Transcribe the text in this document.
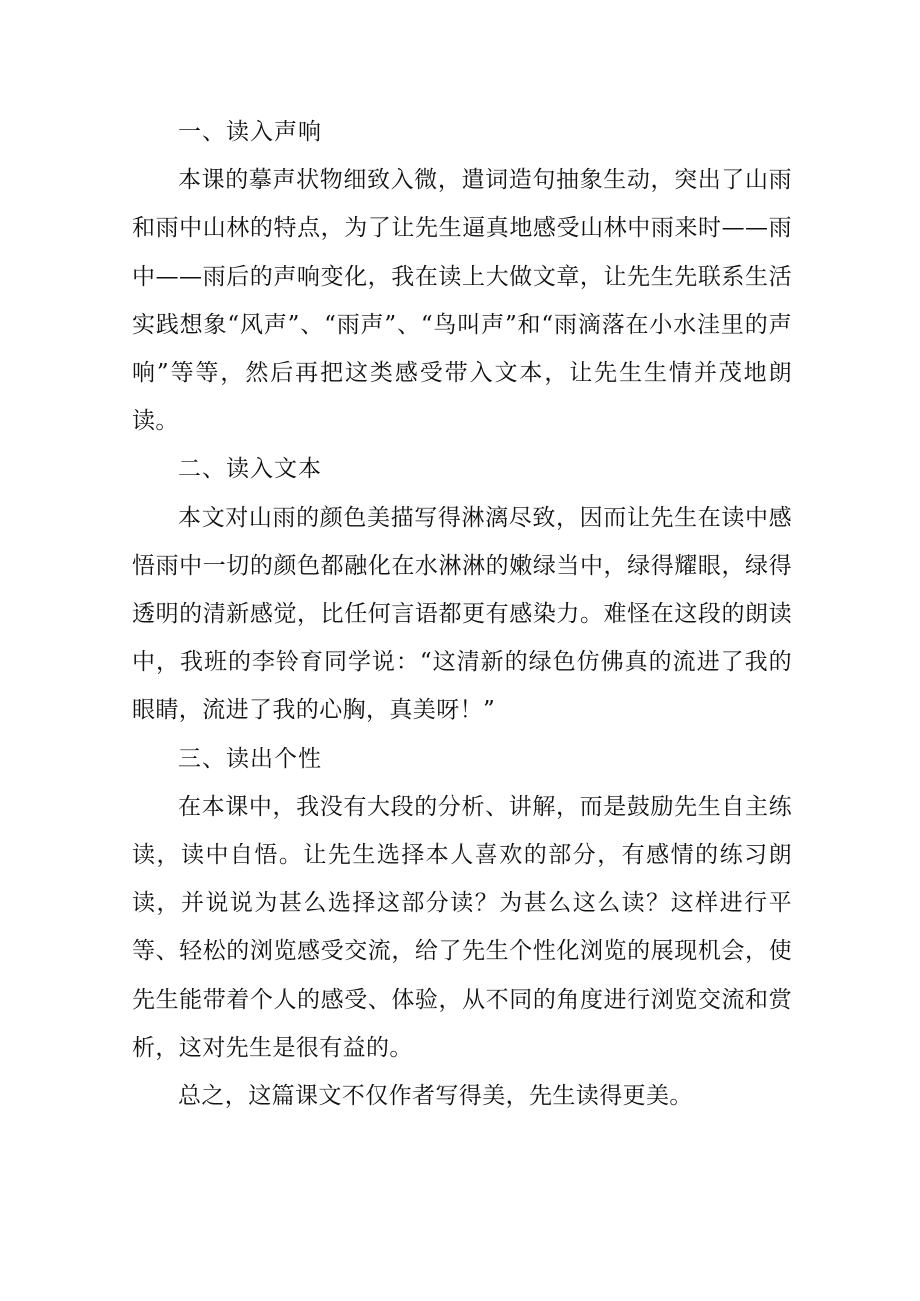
一、读入声响

本课的摹声状物细致入微，遣词造句抽象生动，突出了山雨和雨中山林的特点，为了让先生逼真地感受山林中雨来时——雨中——雨后的声响变化，我在读上大做文章，让先生先联系生活实践想象“风声”、“雨声”、“鸟叫声”和“雨滴落在小水洼里的声响”等等，然后再把这类感受带入文本，让先生生情并茂地朗读。

二、读入文本

本文对山雨的颜色美描写得淋漓尽致，因而让先生在读中感悟雨中一切的颜色都融化在水淋淋的嫩绿当中，绿得耀眼，绿得透明的清新感觉，比任何言语都更有感染力。难怪在这段的朗读中，我班的李铃育同学说：“这清新的绿色仿佛真的流进了我的眼睛，流进了我的心胸，真美呀！”

三、读出个性

在本课中，我没有大段的分析、讲解，而是鼓励先生自主练读，读中自悟。让先生选择本人喜欢的部分，有感情的练习朗读，并说说为甚么选择这部分读？为甚么这么读？这样进行平等、轻松的浏览感受交流，给了先生个性化浏览的展现机会，使先生能带着个人的感受、体验，从不同的角度进行浏览交流和赏析，这对先生是很有益的。

总之，这篇课文不仅作者写得美，先生读得更美。
